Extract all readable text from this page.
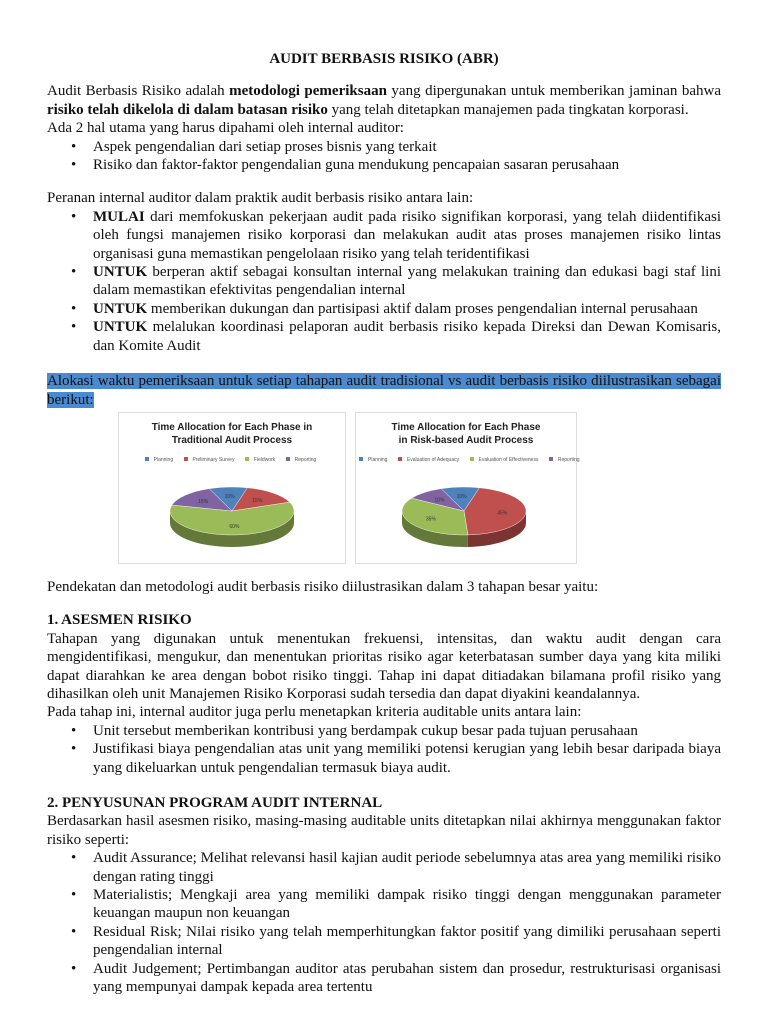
AUDIT BERBASIS RISIKO (ABR)

Audit Berbasis Risiko adalah metodologi pemeriksaan yang dipergunakan untuk memberikan jaminan bahwa risiko telah dikelola di dalam batasan risiko yang telah ditetapkan manajemen pada tingkatan korporasi.

Ada 2 hal utama yang harus dipahami oleh internal auditor:

• Aspek pengendalian dari setiap proses bisnis yang terkait
• Risiko dan faktor-faktor pengendalian guna mendukung pencapaian sasaran perusahaan

Peranan internal auditor dalam praktik audit berbasis risiko antara lain:

• MULAI dari memfokuskan pekerjaan audit pada risiko signifikan korporasi, yang telah diidentifikasi oleh fungsi manajemen risiko korporasi dan melakukan audit atas proses manajemen risiko lintas organisasi guna memastikan pengelolaan risiko yang telah teridentifikasi
• UNTUK berperan aktif sebagai konsultan internal yang melakukan training dan edukasi bagi staf lini dalam memastikan efektivitas pengendalian internal
• UNTUK memberikan dukungan dan partisipasi aktif dalam proses pengendalian internal perusahaan
• UNTUK melalukan koordinasi pelaporan audit berbasis risiko kepada Direksi dan Dewan Komisaris, dan Komite Audit

Alokasi waktu pemeriksaan untuk setiap tahapan audit tradisional vs audit berbasis risiko diilustrasikan sebagai berikut:

Time Allocation for Each Phase in Traditional Audit Process
Planning	Preliminary Survey	Fieldwork	Reporting
10%
15%
60%
15%
Time Allocation for Each Phase in Risk-based Audit Process
Planning	Evaluation of Adequacy	Evaluation of Effectiveness	Reporting
10%
45%
35%
10%

Pendekatan dan metodologi audit berbasis risiko diilustrasikan dalam 3 tahapan besar yaitu:

1. ASESMEN RISIKO

Tahapan yang digunakan untuk menentukan frekuensi, intensitas, dan waktu audit dengan cara mengidentifikasi, mengukur, dan menentukan prioritas risiko agar keterbatasan sumber daya yang kita miliki dapat diarahkan ke area dengan bobot risiko tinggi. Tahap ini dapat ditiadakan bilamana profil risiko yang dihasilkan oleh unit Manajemen Risiko Korporasi sudah tersedia dan dapat diyakini keandalannya.

Pada tahap ini, internal auditor juga perlu menetapkan kriteria auditable units antara lain:

• Unit tersebut memberikan kontribusi yang berdampak cukup besar pada tujuan perusahaan
• Justifikasi biaya pengendalian atas unit yang memiliki potensi kerugian yang lebih besar daripada biaya yang dikeluarkan untuk pengendalian termasuk biaya audit.
2. PENYUSUNAN PROGRAM AUDIT INTERNAL

Berdasarkan hasil asesmen risiko, masing-masing auditable units ditetapkan nilai akhirnya menggunakan faktor risiko seperti:

• Audit Assurance; Melihat relevansi hasil kajian audit periode sebelumnya atas area yang memiliki risiko dengan rating tinggi
• Materialistis; Mengkaji area yang memiliki dampak risiko tinggi dengan menggunakan parameter keuangan maupun non keuangan
• Residual Risk; Nilai risiko yang telah memperhitungkan faktor positif yang dimiliki perusahaan seperti pengendalian internal
• Audit Judgement; Pertimbangan auditor atas perubahan sistem dan prosedur, restrukturisasi organisasi yang mempunyai dampak kepada area tertentu
